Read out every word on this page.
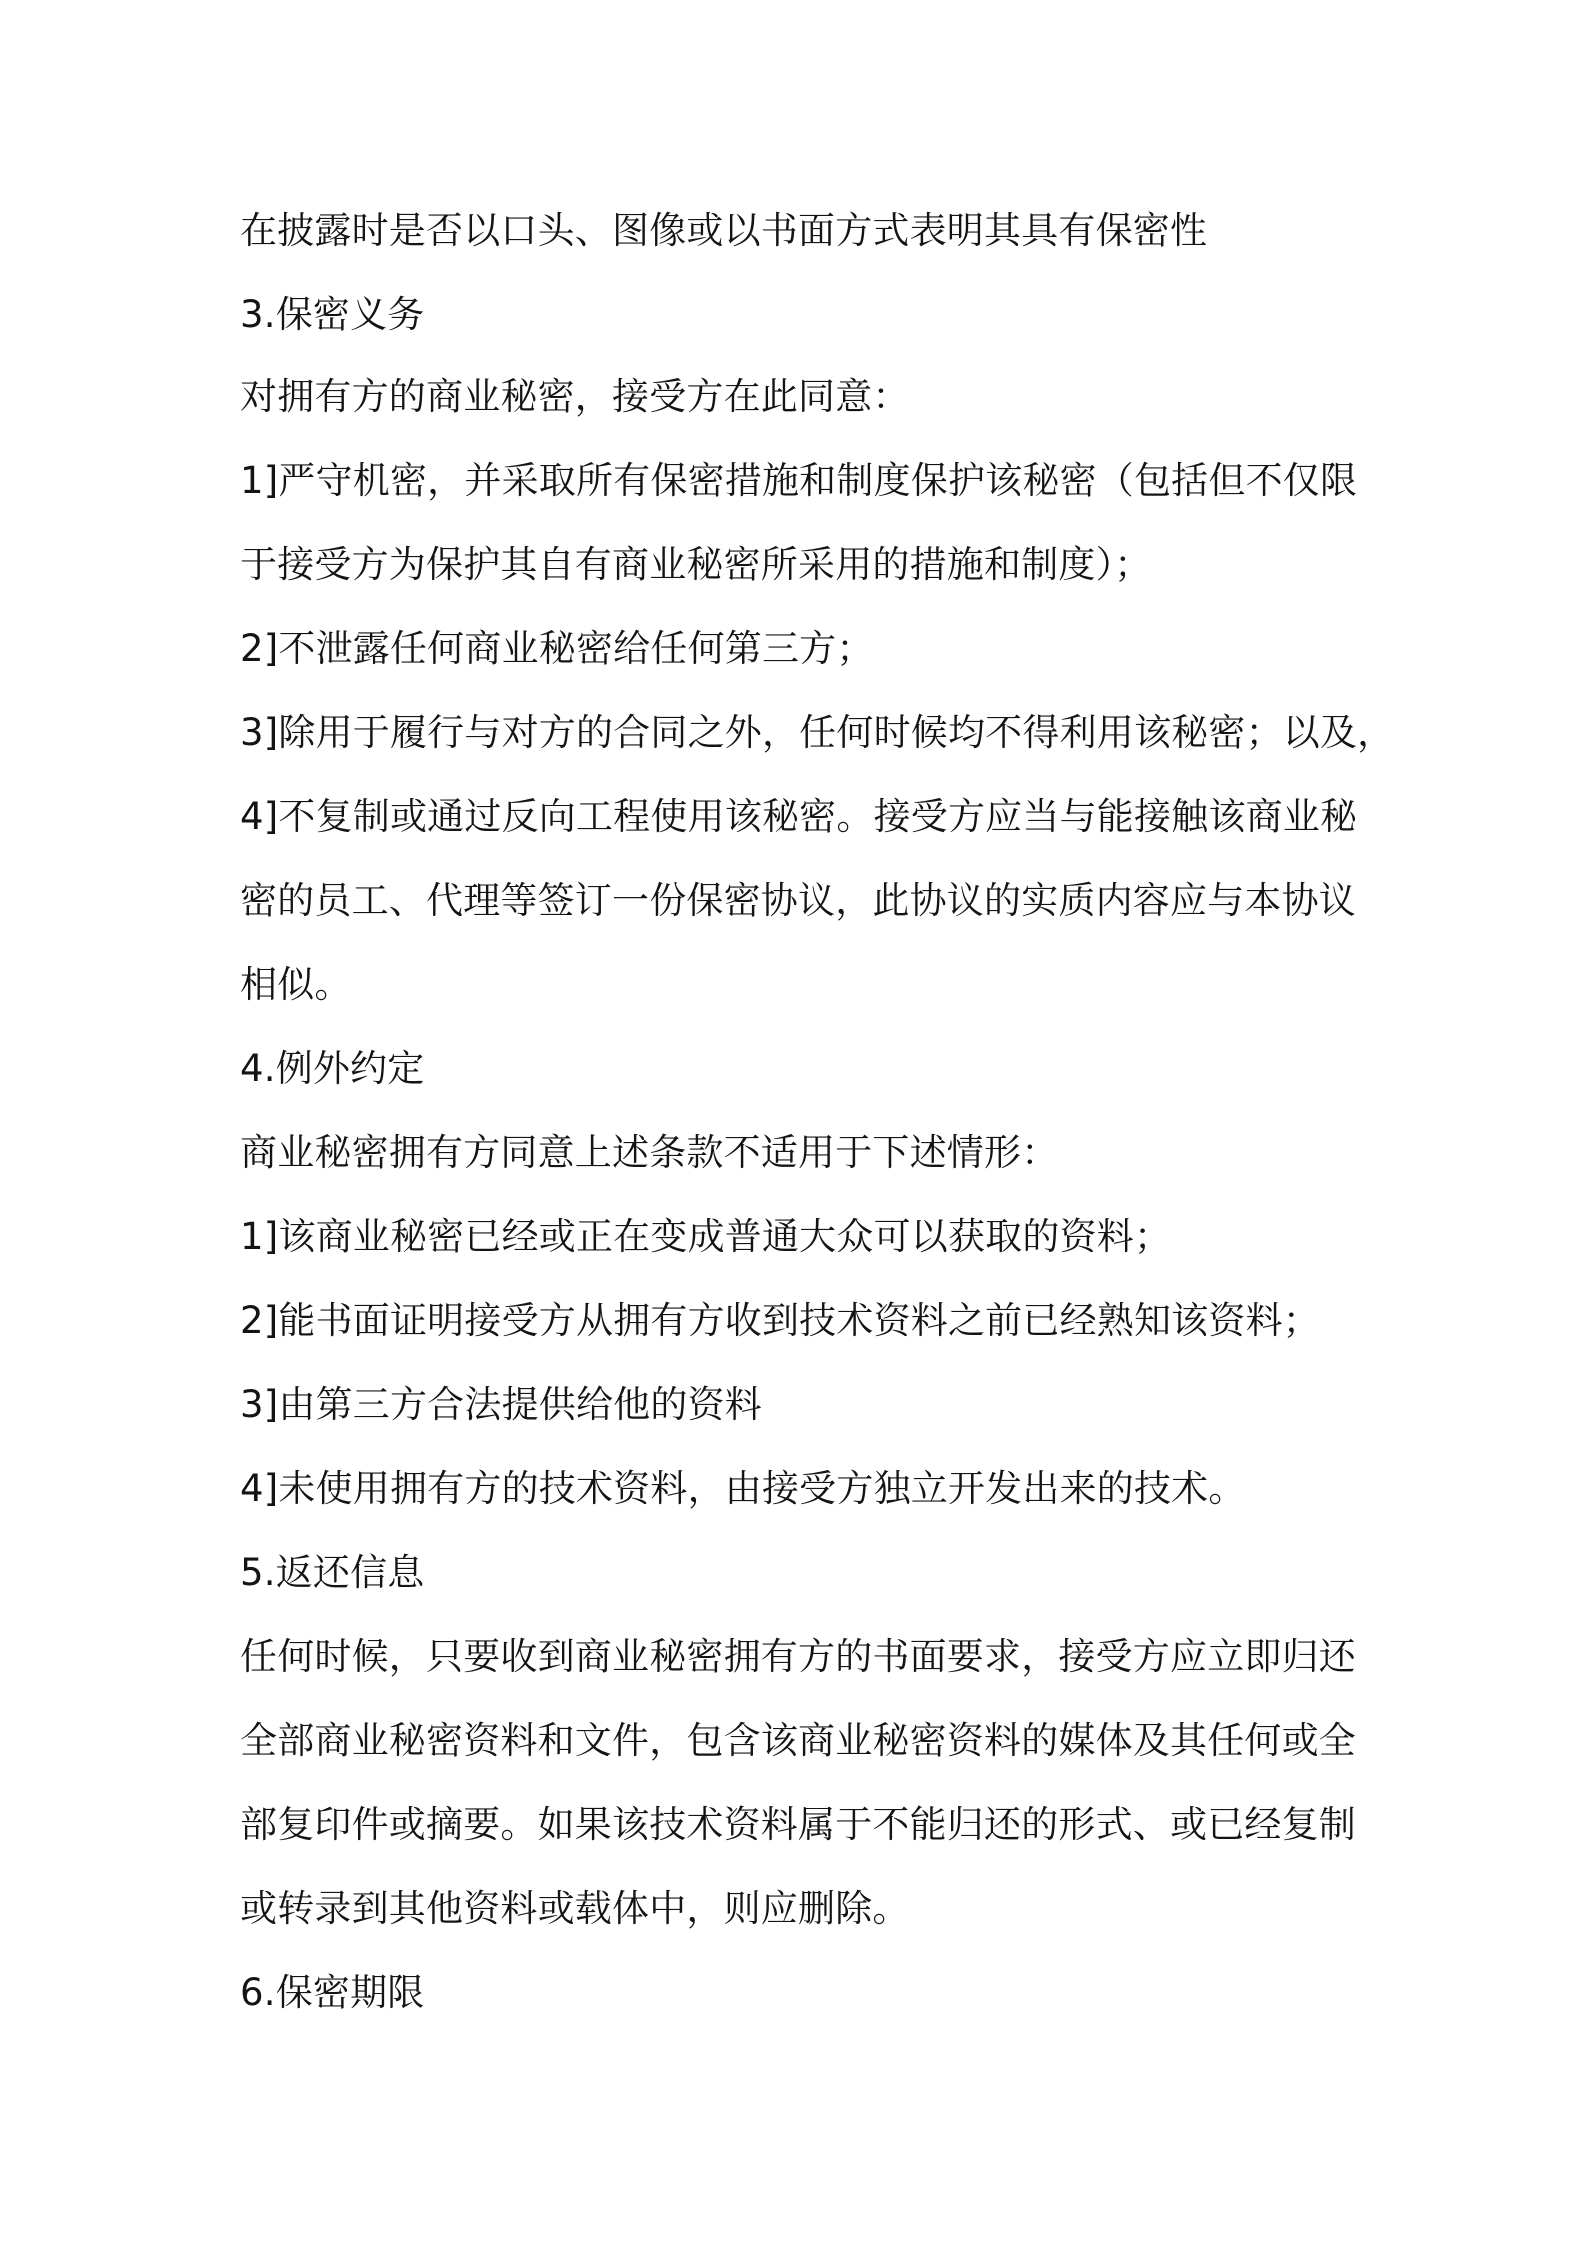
在披露时是否以口头、图像或以书面方式表明其具有保密性
3.保密义务
对拥有方的商业秘密，接受方在此同意：
1]严守机密，并采取所有保密措施和制度保护该秘密（包括但不仅限
于接受方为保护其自有商业秘密所采用的措施和制度）；
2]不泄露任何商业秘密给任何第三方；
3]除用于履行与对方的合同之外，任何时候均不得利用该秘密；以及，
4]不复制或通过反向工程使用该秘密。接受方应当与能接触该商业秘
密的员工、代理等签订一份保密协议，此协议的实质内容应与本协议
相似。
4.例外约定
商业秘密拥有方同意上述条款不适用于下述情形：
1]该商业秘密已经或正在变成普通大众可以获取的资料；
2]能书面证明接受方从拥有方收到技术资料之前已经熟知该资料；
3]由第三方合法提供给他的资料
4]未使用拥有方的技术资料，由接受方独立开发出来的技术。
5.返还信息
任何时候，只要收到商业秘密拥有方的书面要求，接受方应立即归还
全部商业秘密资料和文件，包含该商业秘密资料的媒体及其任何或全
部复印件或摘要。如果该技术资料属于不能归还的形式、或已经复制
或转录到其他资料或载体中，则应删除。
6.保密期限
